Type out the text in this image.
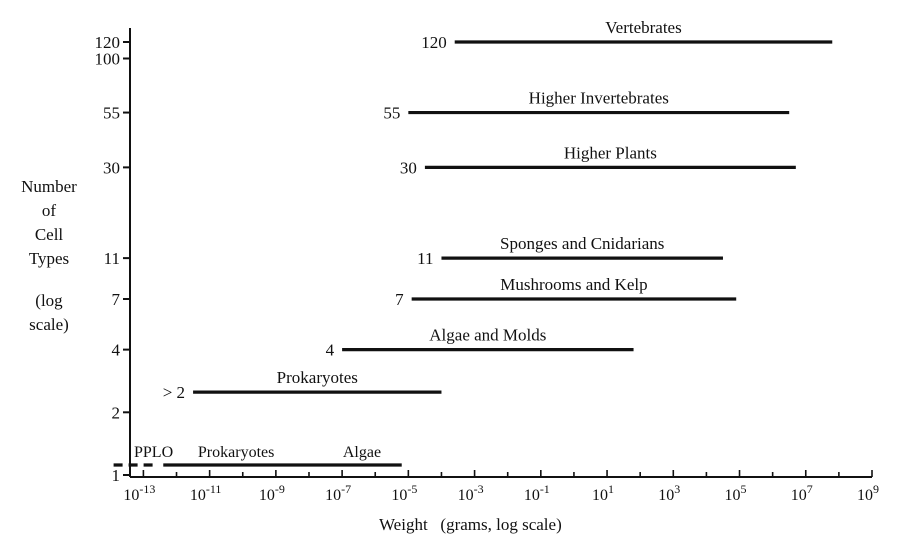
1
2
4
7
11
30
55
100
120
$10^{-13}$ $10^{-11}$ $10^{-9}$	$10^{-7}$	$10^{-5}$	$10^{-3}$	$10^{-1}$	$10^1$	$10^3$	$10^5$	$10^7$	$10^9$
120
Vertebrates
55
Higher Invertebrates
30
Higher Plants
11
Sponges and Cnidarians
7
Mushrooms and Kelp
4
Algae and Molds
> 2
Prokaryotes
PPLO Prokaryotes	Algae
Number
of
Cell
Types
(log
scale)
Weight   (grams, log scale)
